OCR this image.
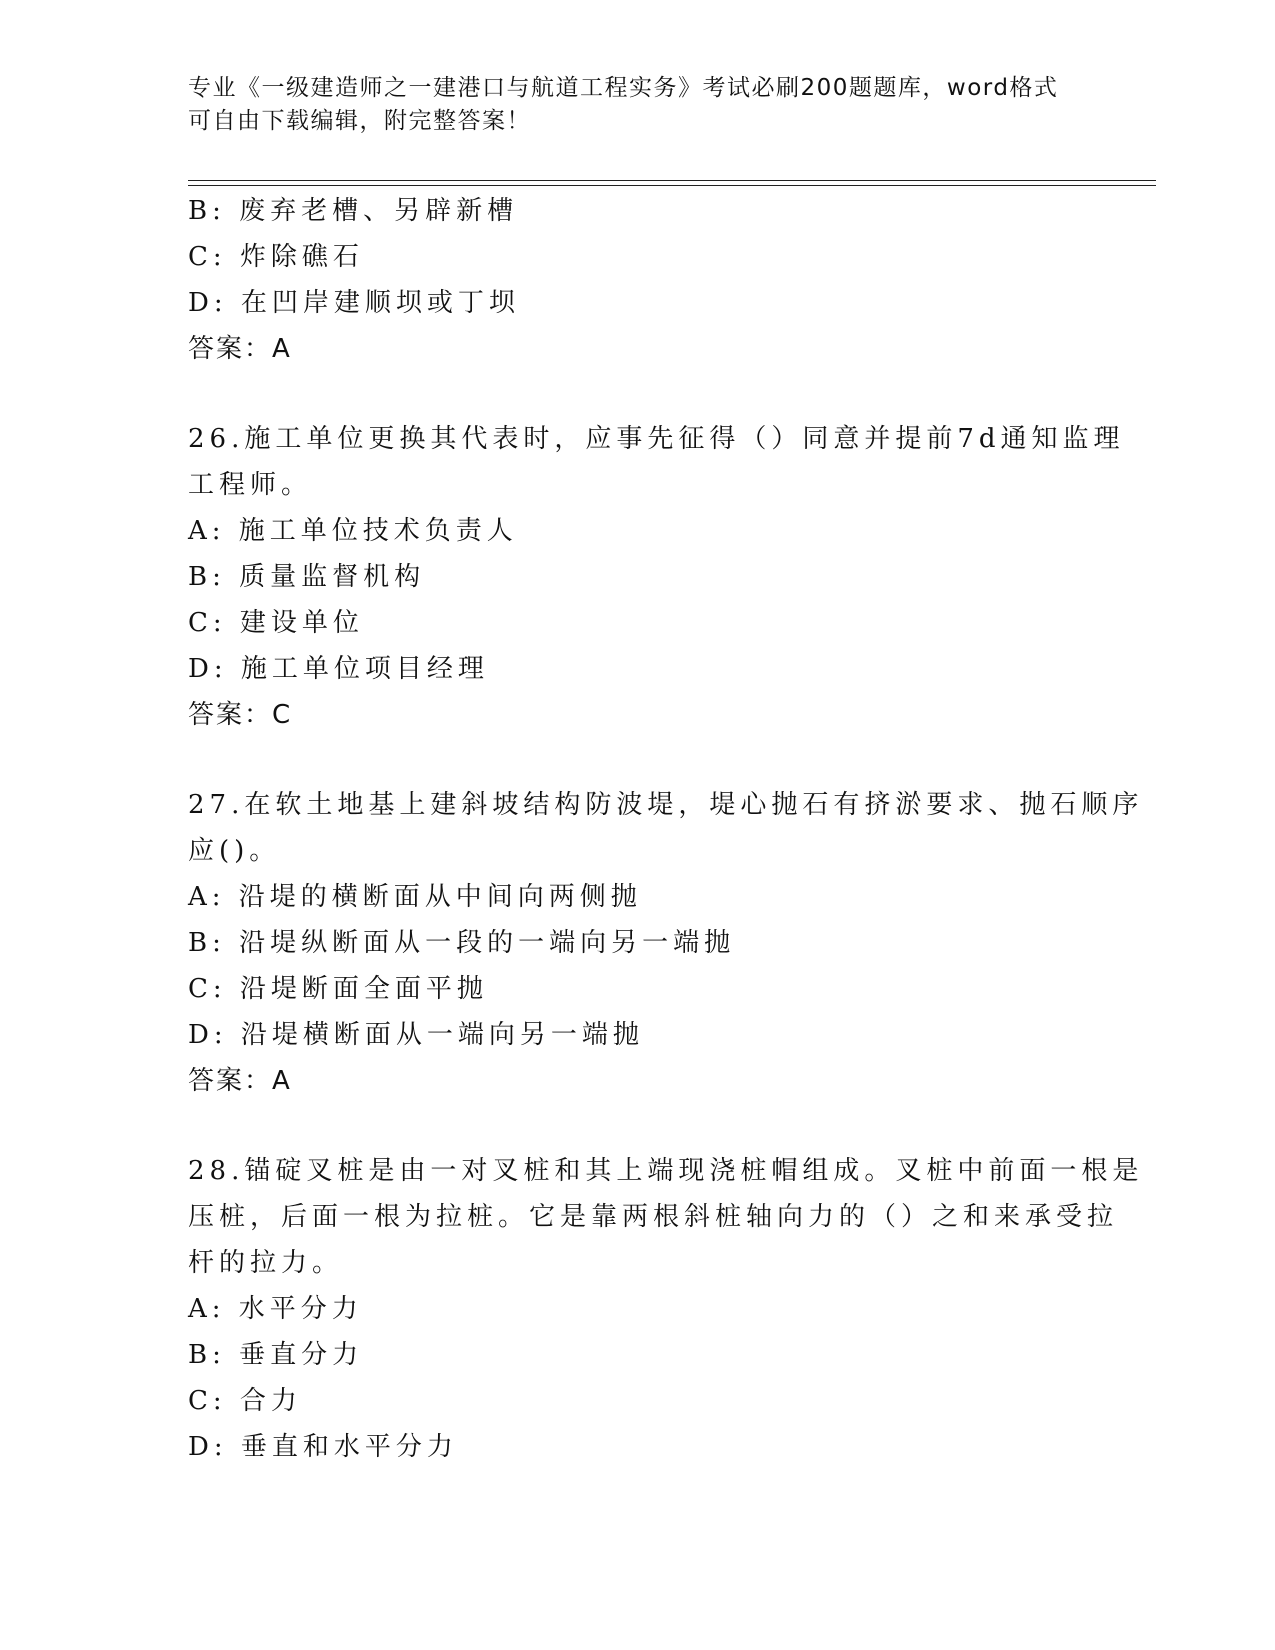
专业《一级建造师之一建港口与航道工程实务》考试必刷200题题库，word格式
可自由下载编辑，附完整答案！
B: 废弃老槽、另辟新槽
C: 炸除礁石
D: 在凹岸建顺坝或丁坝
答案：A
26.施工单位更换其代表时，应事先征得（）同意并提前7d通知监理
工程师。
A: 施工单位技术负责人
B: 质量监督机构
C: 建设单位
D: 施工单位项目经理
答案：C
27.在软土地基上建斜坡结构防波堤，堤心抛石有挤淤要求、抛石顺序
应()。
A: 沿堤的横断面从中间向两侧抛
B: 沿堤纵断面从一段的一端向另一端抛
C: 沿堤断面全面平抛
D: 沿堤横断面从一端向另一端抛
答案：A
28.锚碇叉桩是由一对叉桩和其上端现浇桩帽组成。叉桩中前面一根是
压桩，后面一根为拉桩。它是靠两根斜桩轴向力的（）之和来承受拉
杆的拉力。
A: 水平分力
B: 垂直分力
C: 合力
D: 垂直和水平分力
